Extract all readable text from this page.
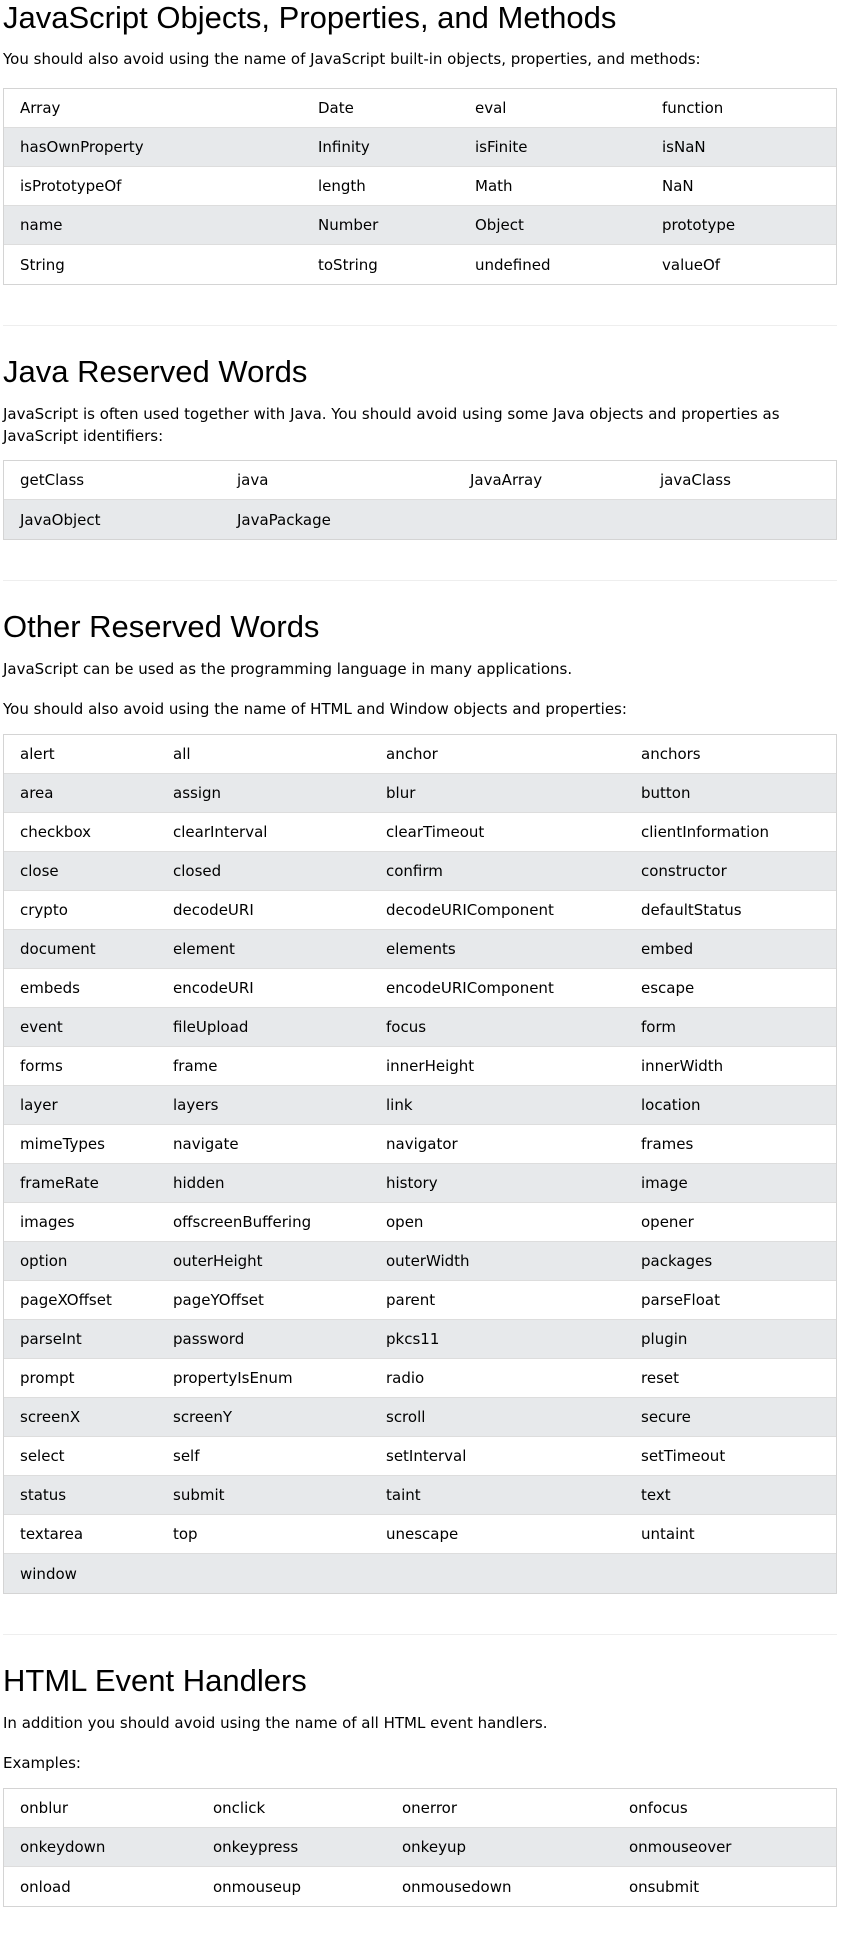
JavaScript Objects, Properties, and Methods

You should also avoid using the name of JavaScript built-in objects, properties, and methods:

Array	Date	eval	function
hasOwnProperty	Infinity	isFinite	isNaN
isPrototypeOf	length	Math	NaN
name	Number	Object	prototype
String	toString	undefined	valueOf
Java Reserved Words

JavaScript is often used together with Java. You should avoid using some Java objects and properties as JavaScript identifiers:

getClass	java	JavaArray	javaClass
JavaObject	JavaPackage
Other Reserved Words

JavaScript can be used as the programming language in many applications.

You should also avoid using the name of HTML and Window objects and properties:

alert	all	anchor	anchors
area	assign	blur	button
checkbox	clearInterval	clearTimeout	clientInformation
close	closed	confirm	constructor
crypto	decodeURI	decodeURIComponent	defaultStatus
document	element	elements	embed
embeds	encodeURI	encodeURIComponent	escape
event	fileUpload	focus	form
forms	frame	innerHeight	innerWidth
layer	layers	link	location
mimeTypes	navigate	navigator	frames
frameRate	hidden	history	image
images	offscreenBuffering	open	opener
option	outerHeight	outerWidth	packages
pageXOffset	pageYOffset	parent	parseFloat
parseInt	password	pkcs11	plugin
prompt	propertyIsEnum	radio	reset
screenX	screenY	scroll	secure
select	self	setInterval	setTimeout
status	submit	taint	text
textarea	top	unescape	untaint
window
HTML Event Handlers

In addition you should avoid using the name of all HTML event handlers.

Examples:

onblur	onclick	onerror	onfocus
onkeydown	onkeypress	onkeyup	onmouseover
onload	onmouseup	onmousedown	onsubmit
